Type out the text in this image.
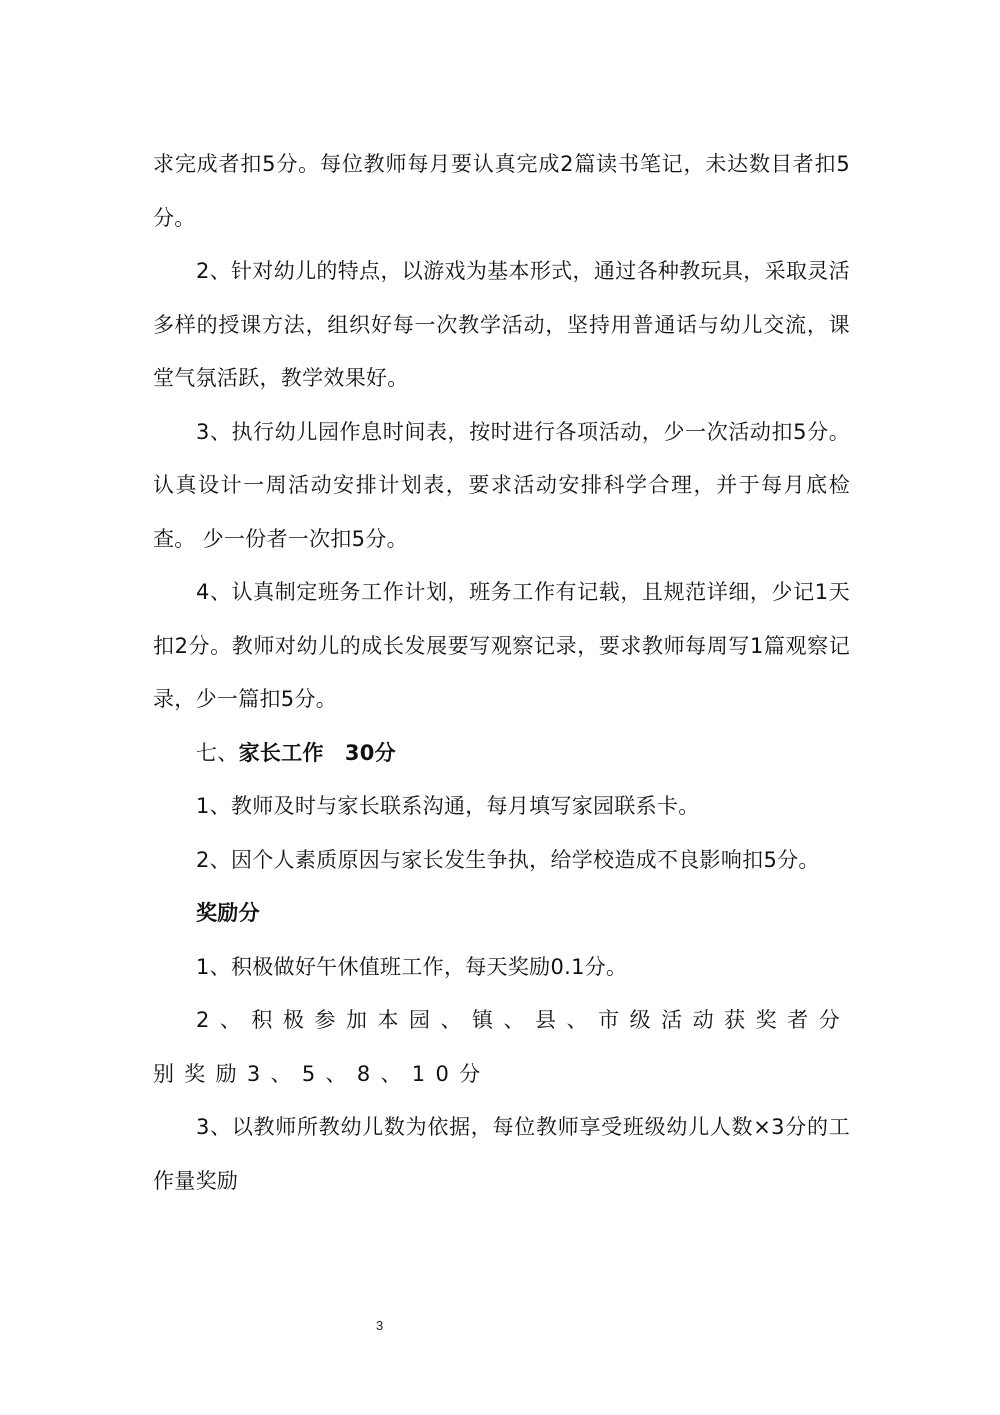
求完成者扣5分。每位教师每月要认真完成2篇读书笔记，未达数目者扣5分。

2、针对幼儿的特点，以游戏为基本形式，通过各种教玩具，采取灵活多样的授课方法，组织好每一次教学活动，坚持用普通话与幼儿交流，课堂气氛活跃，教学效果好。

3、执行幼儿园作息时间表，按时进行各项活动，少一次活动扣5分。认真设计一周活动安排计划表，要求活动安排科学合理，并于每月底检查。 少一份者一次扣5分。

4、认真制定班务工作计划，班务工作有记载，且规范详细，少记1天扣2分。教师对幼儿的成长发展要写观察记录，要求教师每周写1篇观察记录，少一篇扣5分。

七、家长工作 30分

1、教师及时与家长联系沟通，每月填写家园联系卡。

2、因个人素质原因与家长发生争执，给学校造成不良影响扣5分。

奖励分

1、积极做好午休值班工作，每天奖励0.1分。

2、积极参加本园、镇、县、市级活动获奖者分别奖励3、5、8、10分

3、以教师所教幼儿数为依据，每位教师享受班级幼儿人数×3分的工作量奖励

3
